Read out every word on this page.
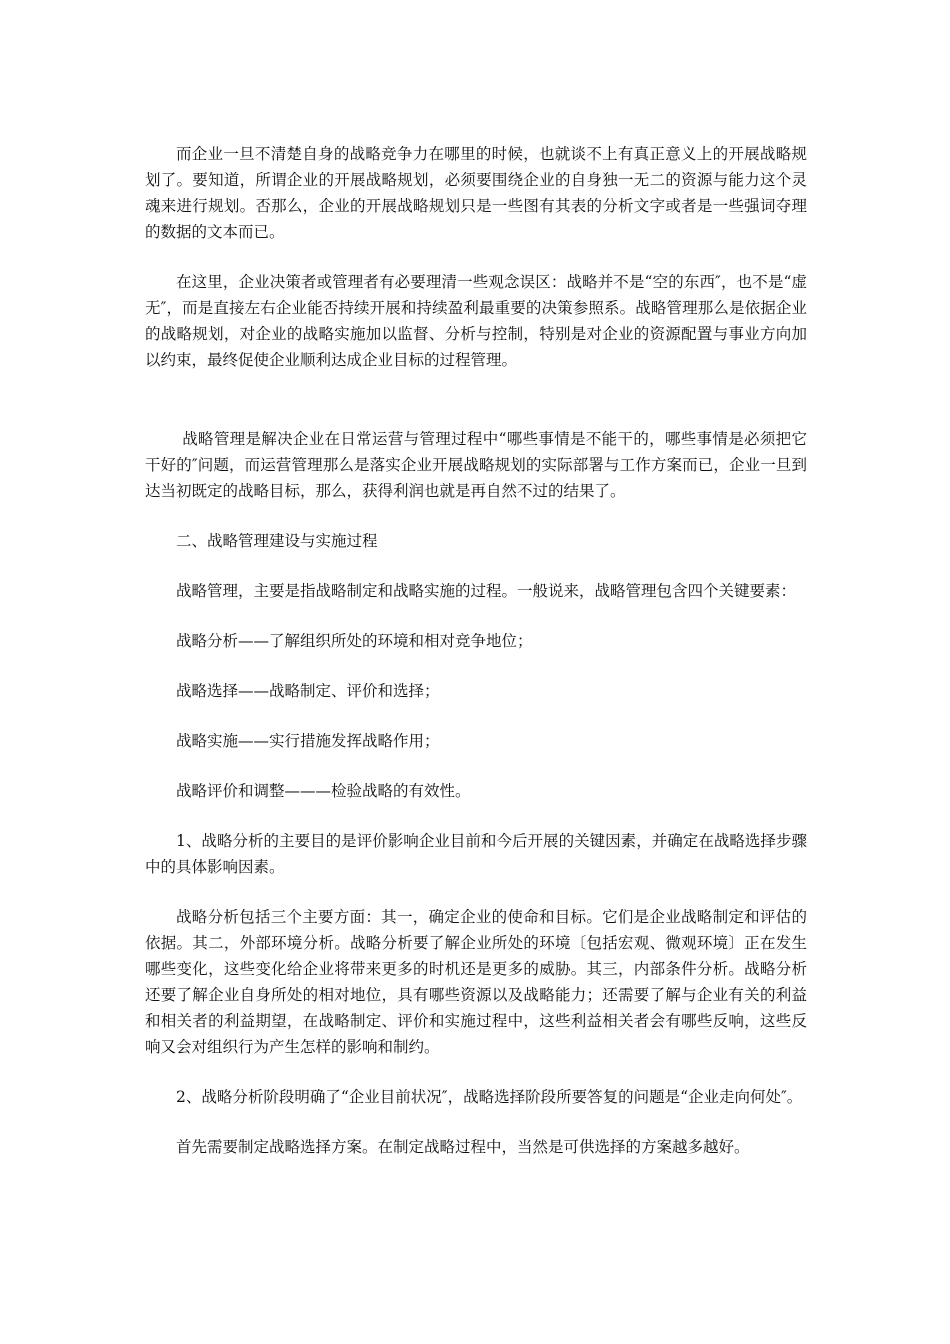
而企业一旦不清楚自身的战略竞争力在哪里的时候，也就谈不上有真正意义上的开展战略规划了。要知道，所谓企业的开展战略规划，必须要围绕企业的自身独一无二的资源与能力这个灵魂来进行规划。否那么，企业的开展战略规划只是一些图有其表的分析文字或者是一些强词夺理的数据的文本而已。

在这里，企业决策者或管理者有必要理清一些观念误区：战略并不是“空的东西″，也不是“虚无″，而是直接左右企业能否持续开展和持续盈利最重要的决策参照系。战略管理那么是依据企业的战略规划，对企业的战略实施加以监督、分析与控制，特别是对企业的资源配置与事业方向加以约束，最终促使企业顺利达成企业目标的过程管理。

战略管理是解决企业在日常运营与管理过程中“哪些事情是不能干的，哪些事情是必须把它干好的″问题，而运营管理那么是落实企业开展战略规划的实际部署与工作方案而已，企业一旦到达当初既定的战略目标，那么，获得利润也就是再自然不过的结果了。

二、战略管理建设与实施过程

战略管理，主要是指战略制定和战略实施的过程。一般说来，战略管理包含四个关键要素：

战略分析——了解组织所处的环境和相对竞争地位；

战略选择——战略制定、评价和选择；

战略实施——实行措施发挥战略作用；

战略评价和调整———检验战略的有效性。

1、战略分析的主要目的是评价影响企业目前和今后开展的关键因素，并确定在战略选择步骤中的具体影响因素。

战略分析包括三个主要方面：其一，确定企业的使命和目标。它们是企业战略制定和评估的依据。其二，外部环境分析。战略分析要了解企业所处的环境〔包括宏观、微观环境〕正在发生哪些变化，这些变化给企业将带来更多的时机还是更多的威胁。其三，内部条件分析。战略分析还要了解企业自身所处的相对地位，具有哪些资源以及战略能力；还需要了解与企业有关的利益和相关者的利益期望，在战略制定、评价和实施过程中，这些利益相关者会有哪些反响，这些反响又会对组织行为产生怎样的影响和制约。

2、战略分析阶段明确了“企业目前状况″，战略选择阶段所要答复的问题是“企业走向何处″。

首先需要制定战略选择方案。在制定战略过程中，当然是可供选择的方案越多越好。
